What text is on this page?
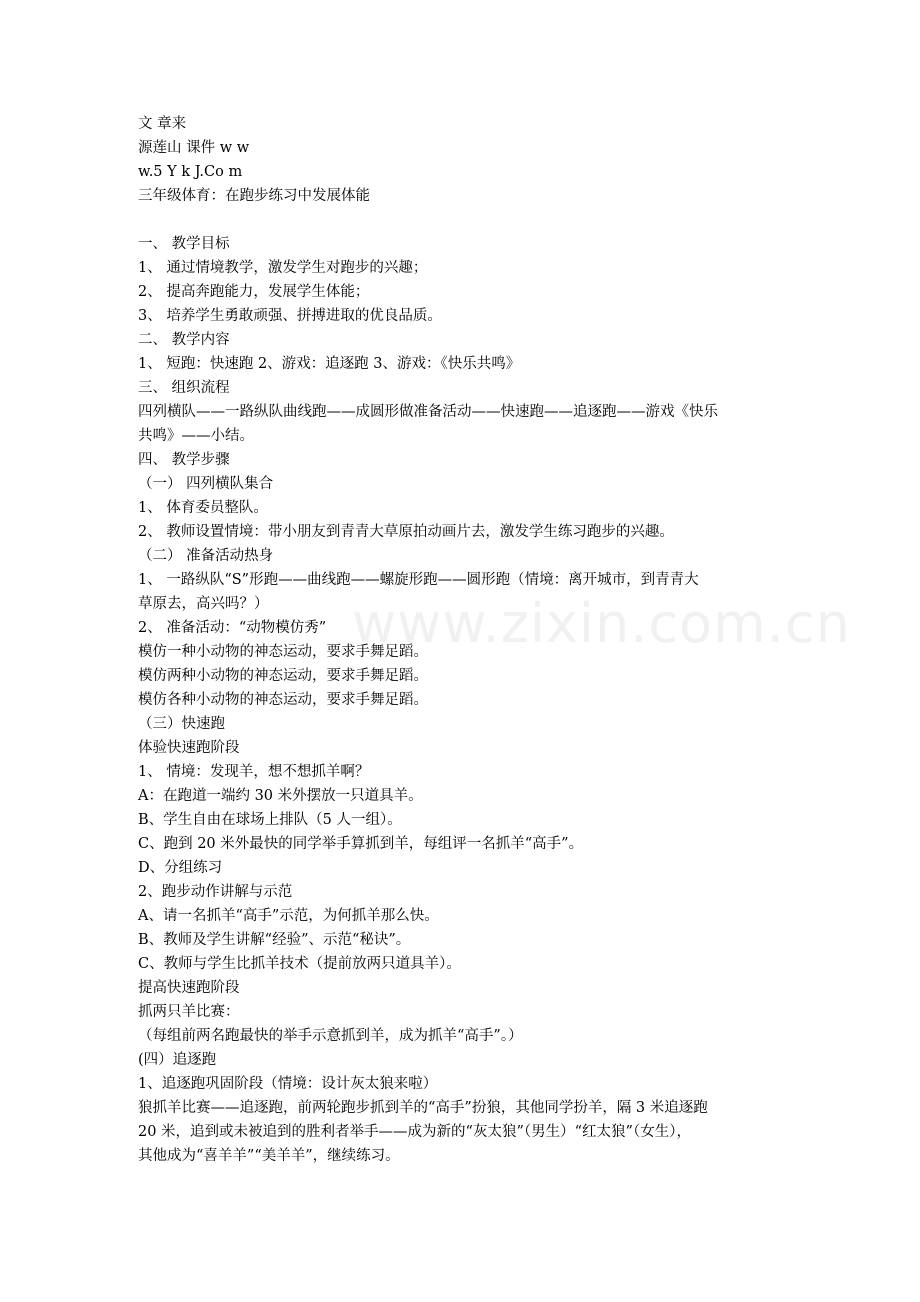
www.zixin.com.cn
文 章来
源莲山 课件 w w
w.5 Y k J.Co m
三年级体育：在跑步练习中发展体能
一、 教学目标
1、 通过情境教学，激发学生对跑步的兴趣；
2、 提高奔跑能力，发展学生体能；
3、 培养学生勇敢顽强、拼搏进取的优良品质。
二、 教学内容
1、 短跑：快速跑 2、游戏：追逐跑 3、游戏：《快乐共鸣》
三、 组织流程
四列横队——一路纵队曲线跑——成圆形做准备活动——快速跑——追逐跑——游戏《快乐
共鸣》——小结。
四、 教学步骤
（一） 四列横队集合
1、 体育委员整队。
2、 教师设置情境：带小朋友到青青大草原拍动画片去，激发学生练习跑步的兴趣。
（二） 准备活动热身
1、 一路纵队“S”形跑——曲线跑——螺旋形跑——圆形跑（情境：离开城市，到青青大
草原去，高兴吗？）
2、 准备活动：“动物模仿秀”
模仿一种小动物的神态运动，要求手舞足蹈。
模仿两种小动物的神态运动，要求手舞足蹈。
模仿各种小动物的神态运动，要求手舞足蹈。
（三）快速跑
体验快速跑阶段
1、 情境：发现羊，想不想抓羊啊？
A：在跑道一端约 30 米外摆放一只道具羊。
B、学生自由在球场上排队（5 人一组）。
C、跑到 20 米外最快的同学举手算抓到羊，每组评一名抓羊“高手”。
D、分组练习
2、跑步动作讲解与示范
A、请一名抓羊“高手”示范，为何抓羊那么快。
B、教师及学生讲解“经验”、示范“秘诀”。
C、教师与学生比抓羊技术（提前放两只道具羊）。
提高快速跑阶段
抓两只羊比赛：
（每组前两名跑最快的举手示意抓到羊，成为抓羊“高手”。）
(四）追逐跑
1、追逐跑巩固阶段（情境：设计灰太狼来啦）
狼抓羊比赛——追逐跑，前两轮跑步抓到羊的“高手”扮狼，其他同学扮羊，隔 3 米追逐跑
20 米，追到或未被追到的胜利者举手——成为新的“灰太狼”（男生）“红太狼”（女生），
其他成为“喜羊羊”“美羊羊”，继续练习。
